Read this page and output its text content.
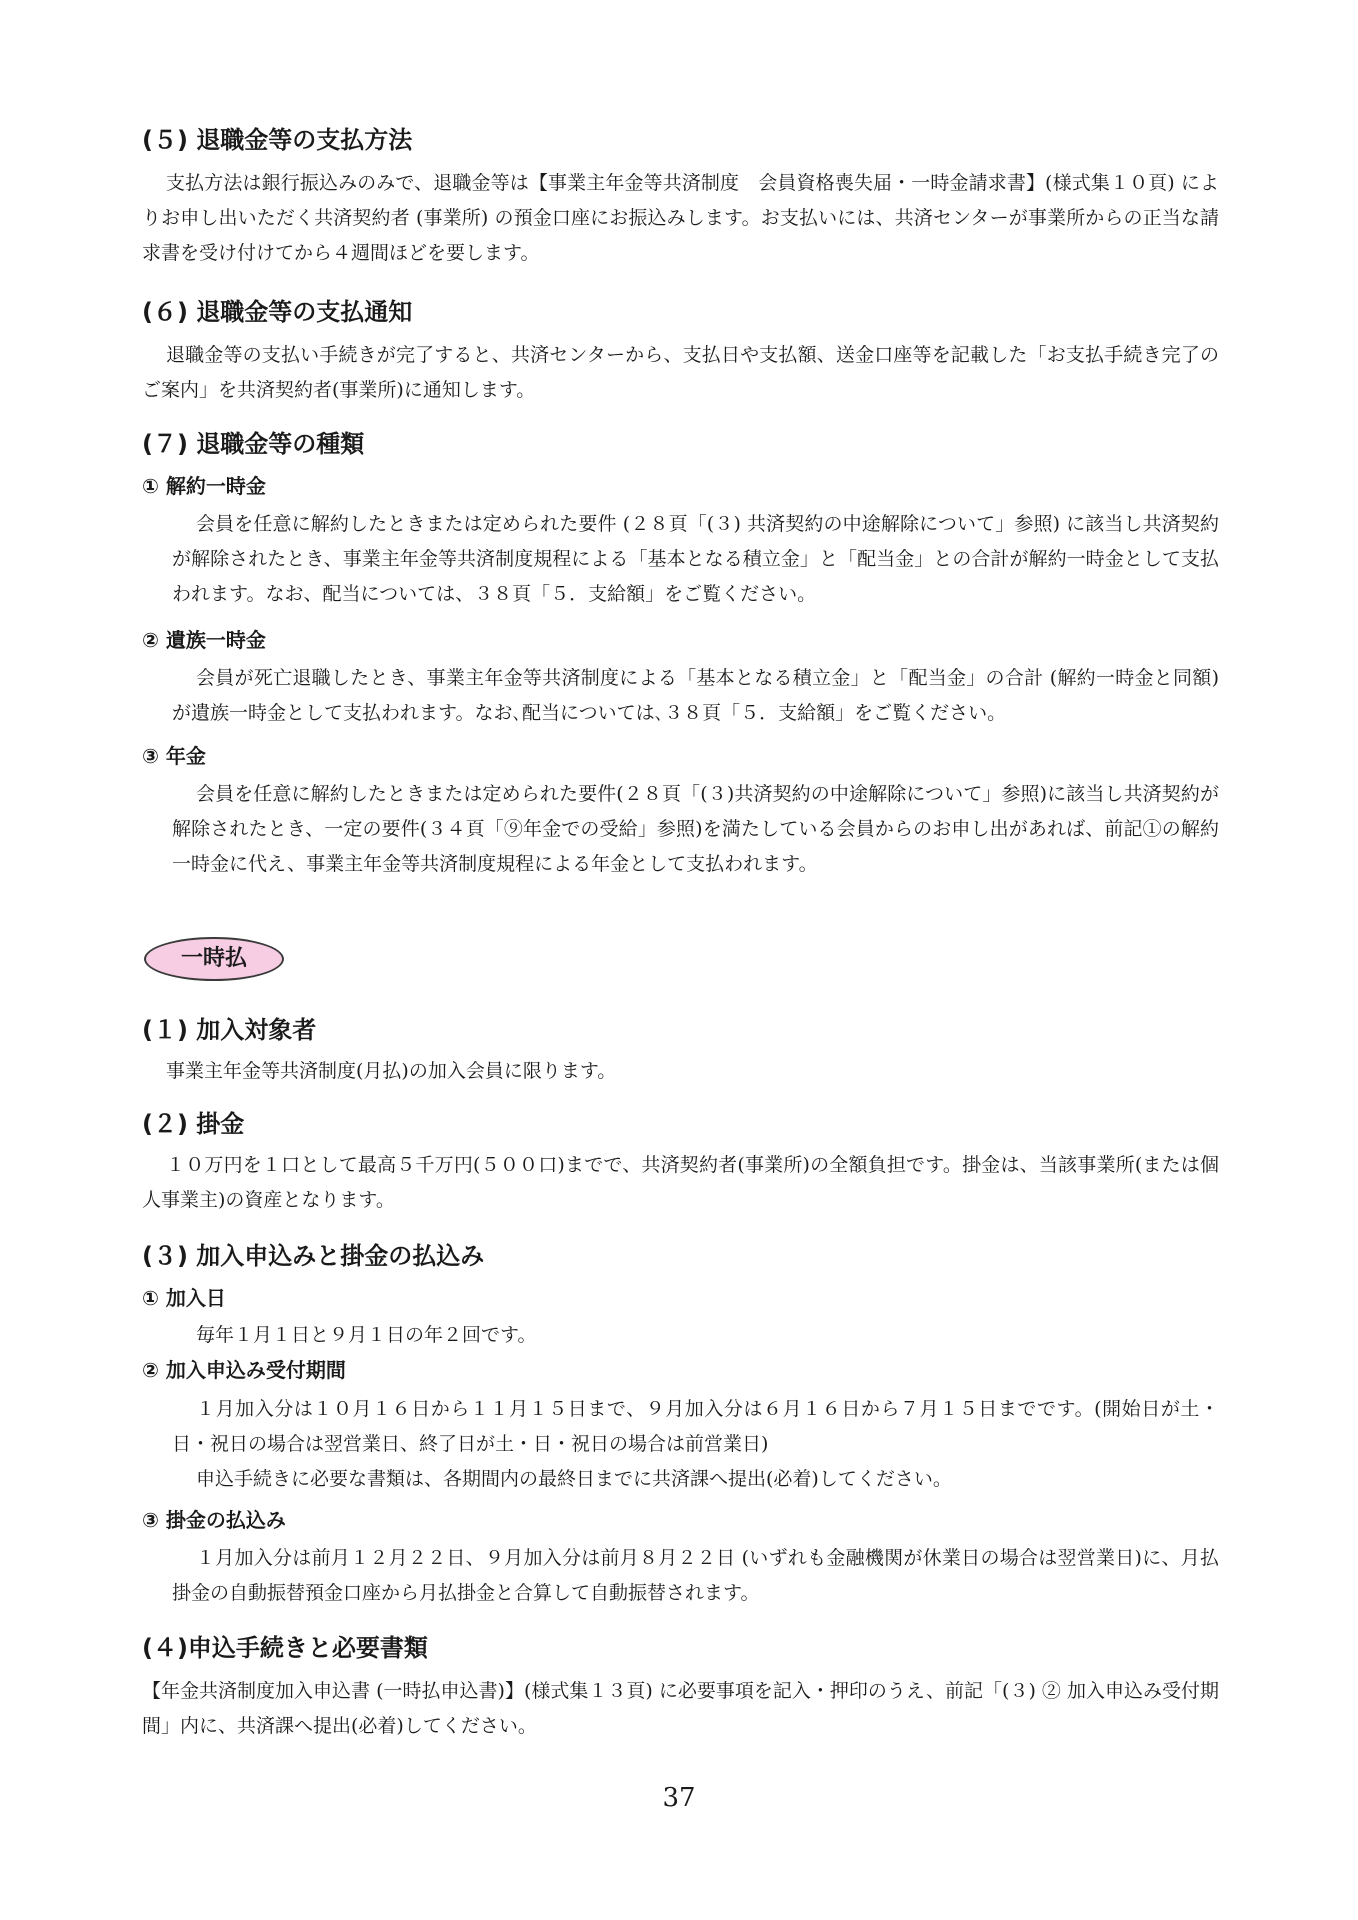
(５) 退職金等の支払方法

支払方法は銀行振込みのみで、退職金等は【事業主年金等共済制度　会員資格喪失届・一時金請求書】(様式集１０頁) によりお申し出いただく共済契約者 (事業所) の預金口座にお振込みします。お支払いには、共済センターが事業所からの正当な請求書を受け付けてから４週間ほどを要します。

(６) 退職金等の支払通知

退職金等の支払い手続きが完了すると、共済センターから、支払日や支払額、送金口座等を記載した「お支払手続き完了のご案内」を共済契約者(事業所)に通知します。

(７) 退職金等の種類
① 解約一時金

会員を任意に解約したときまたは定められた要件 (２８頁「(３) 共済契約の中途解除について」参照) に該当し共済契約が解除されたとき、事業主年金等共済制度規程による「基本となる積立金」と「配当金」との合計が解約一時金として支払われます。なお、配当については、３８頁「５．支給額」をご覧ください。

② 遺族一時金

会員が死亡退職したとき、事業主年金等共済制度による「基本となる積立金」と「配当金」の合計 (解約一時金と同額) が遺族一時金として支払われます。なお､配当については､３８頁「５．支給額」をご覧ください。

③ 年金

会員を任意に解約したときまたは定められた要件(２８頁「(３)共済契約の中途解除について」参照)に該当し共済契約が解除されたとき、一定の要件(３４頁「⑨年金での受給」参照)を満たしている会員からのお申し出があれば、前記①の解約一時金に代え、事業主年金等共済制度規程による年金として支払われます。

一時払
(１) 加入対象者

事業主年金等共済制度(月払)の加入会員に限ります。

(２) 掛金

１０万円を１口として最高５千万円(５００口)までで、共済契約者(事業所)の全額負担です。掛金は、当該事業所(または個人事業主)の資産となります。

(３) 加入申込みと掛金の払込み
① 加入日

毎年１月１日と９月１日の年２回です。

② 加入申込み受付期間

１月加入分は１０月１６日から１１月１５日まで、９月加入分は６月１６日から７月１５日までです。(開始日が土・日・祝日の場合は翌営業日、終了日が土・日・祝日の場合は前営業日)

申込手続きに必要な書類は、各期間内の最終日までに共済課へ提出(必着)してください。

③ 掛金の払込み

１月加入分は前月１２月２２日、９月加入分は前月８月２２日 (いずれも金融機関が休業日の場合は翌営業日)に、月払掛金の自動振替預金口座から月払掛金と合算して自動振替されます。

(４)申込手続きと必要書類

【年金共済制度加入申込書 (一時払申込書)】(様式集１３頁) に必要事項を記入・押印のうえ、前記「(３) ② 加入申込み受付期間」内に、共済課へ提出(必着)してください。

37
